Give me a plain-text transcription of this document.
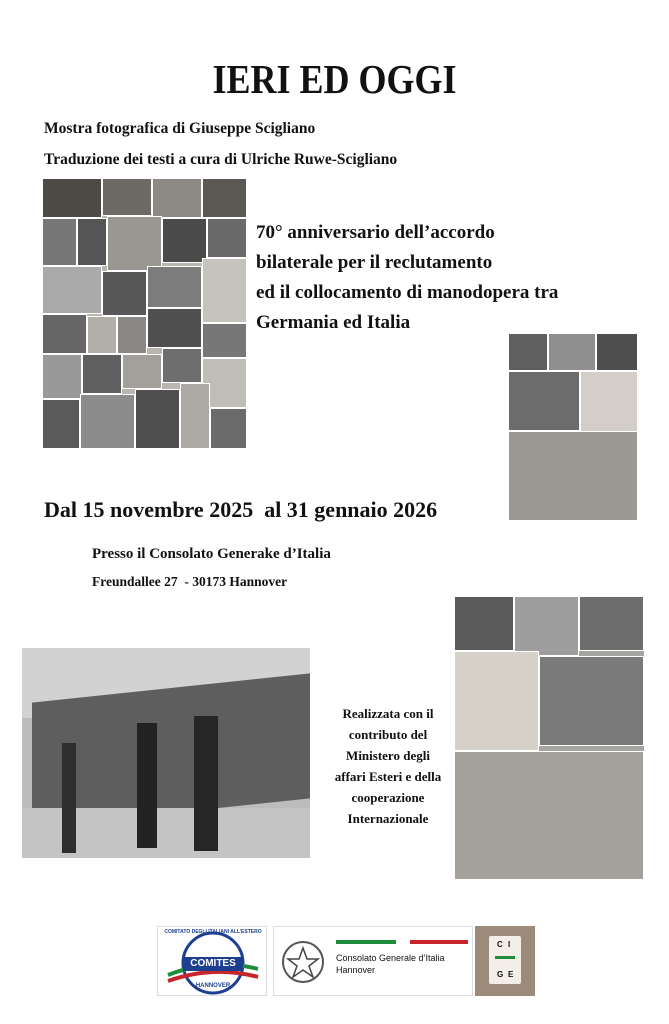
IERI ED OGGI
Mostra fotografica di Giuseppe Scigliano
Traduzione dei testi a cura di Ulriche Ruwe-Scigliano
70° anniversario dell’accordo
bilaterale per il reclutamento
ed il collocamento di manodopera tra
Germania ed Italia
Dal 15 novembre 2025  al 31 gennaio 2026
Presso il Consolato Generake d’Italia
Freundallee 27  - 30173 Hannover
Realizzata con il
contributo del
Ministero degli
affari Esteri e della
cooperazione
Internazionale
COMITES
COMITATO DEGLI ITALIANI ALL’ESTERO
HANNOVER
Consolato Generale d’Italia
Hannover
C I
G E
